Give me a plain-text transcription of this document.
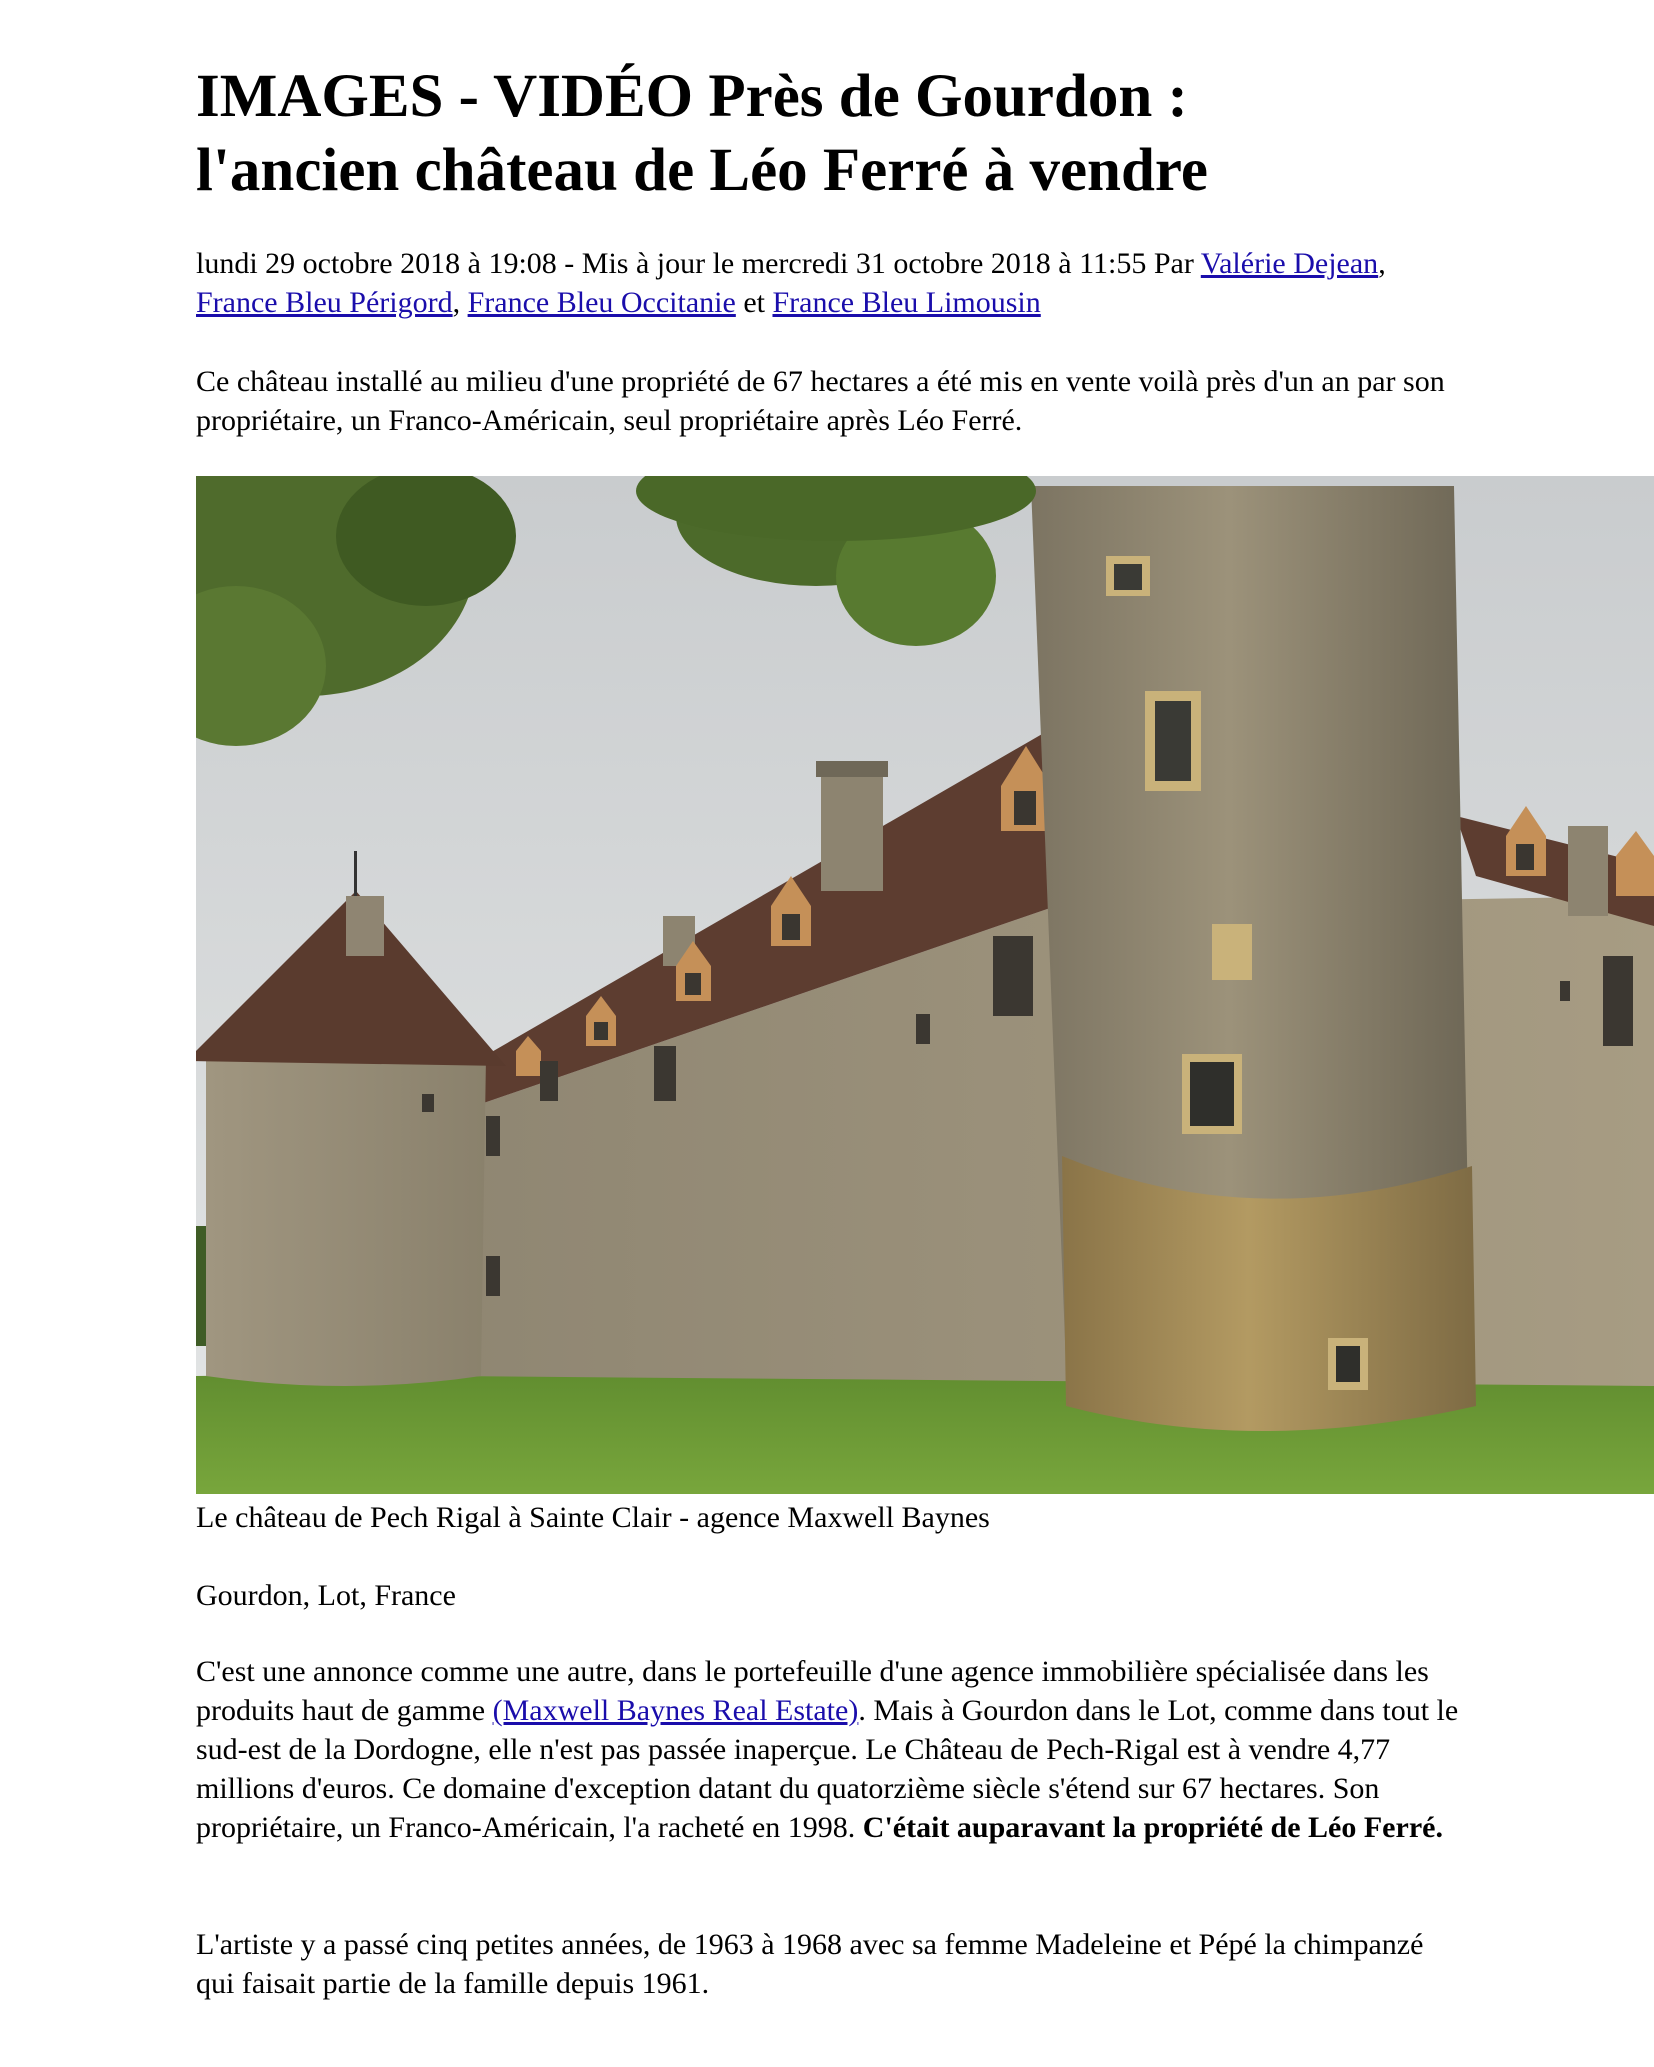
IMAGES - VIDÉO Près de Gourdon :
l'ancien château de Léo Ferré à vendre

lundi 29 octobre 2018 à 19:08 - Mis à jour le mercredi 31 octobre 2018 à 11:55 Par Valérie Dejean, France Bleu Périgord, France Bleu Occitanie et France Bleu Limousin

Ce château installé au milieu d'une propriété de 67 hectares a été mis en vente voilà près d'un an par son propriétaire, un Franco-Américain, seul propriétaire après Léo Ferré.

Le château de Pech Rigal à Sainte Clair - agence Maxwell Baynes

Gourdon, Lot, France

C'est une annonce comme une autre, dans le portefeuille d'une agence immobilière spécialisée dans les produits haut de gamme (Maxwell Baynes Real Estate). Mais à Gourdon dans le Lot, comme dans tout le sud-est de la Dordogne, elle n'est pas passée inaperçue. Le Château de Pech-Rigal est à vendre 4,77 millions d'euros. Ce domaine d'exception datant du quatorzième siècle s'étend sur 67 hectares. Son propriétaire, un Franco-Américain, l'a racheté en 1998. C'était auparavant la propriété de Léo Ferré.

L'artiste y a passé cinq petites années, de 1963 à 1968 avec sa femme Madeleine et Pépé la chimpanzé qui faisait partie de la famille depuis 1961.
